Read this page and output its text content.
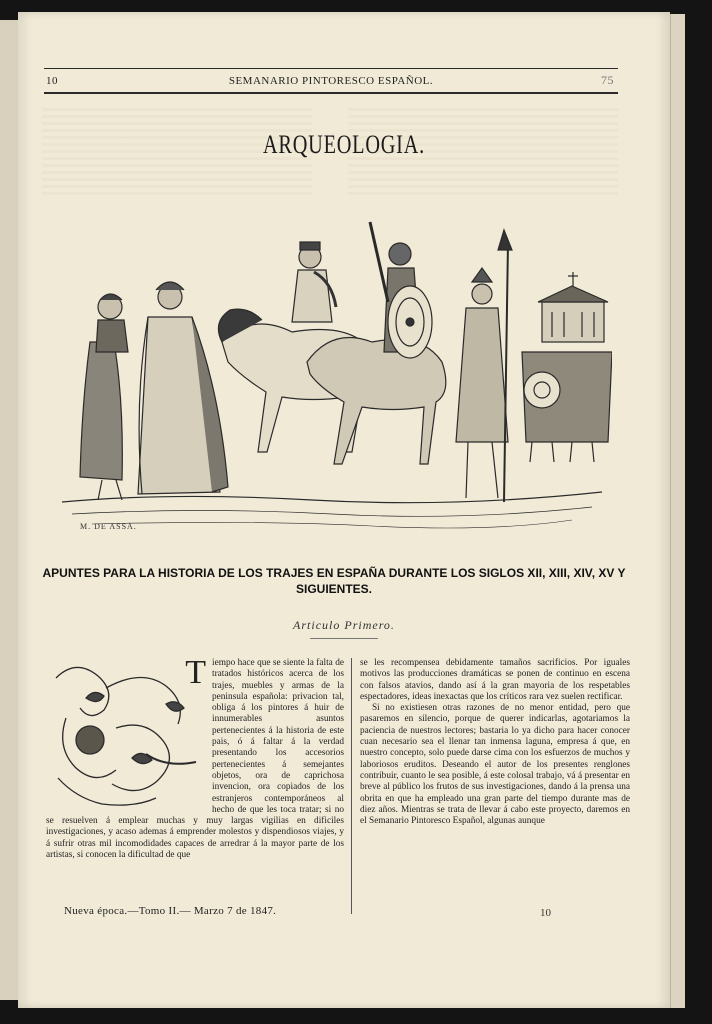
10	SEMANARIO PINTORESCO ESPAÑOL.	75
ARQUEOLOGIA.
M. DE ASSA.
APUNTES PARA LA HISTORIA DE LOS TRAJES EN ESPAÑA DURANTE LOS SIGLOS XII, XIII, XIV, XV Y SIGUIENTES.
Articulo Primero.
T iempo hace que se siente la falta de tratados históricos acerca de los trajes, muebles y armas de la peninsula española: privacion tal, obliga á los pintores á huir de innumerables asuntos pertenecientes á la historia de este pais, ó á faltar á la verdad presentando los accesorios pertenecientes á semejantes objetos, ora de caprichosa invencion, ora copiados de los estranjeros contemporáneos al hecho de que les toca tratar; si no se resuelven á emplear muchas y muy largas vigilias en dificiles investigaciones, y acaso ademas á emprender molestos y dispendiosos viajes, y á sufrir otras mil incomodidades capaces de arredrar á la mayor parte de los artistas, si conocen la dificultad de que

se les recompensea debidamente tamaños sacrificios. Por iguales motivos las producciones dramáticas se ponen de continuo en escena con falsos atavios, dando así á la gran mayoria de los respetables espectadores, ideas inexactas que los críticos rara vez suelen rectificar.

Si no existiesen otras razones de no menor entidad, pero que pasaremos en silencio, porque de querer indicarlas, agotariamos la paciencia de nuestros lectores; bastaria lo ya dicho para hacer conocer cuan necesario sea el llenar tan inmensa laguna, empresa á que, en nuestro concepto, solo puede darse cima con los esfuerzos de muchos y laboriosos eruditos. Deseando el autor de los presentes renglones contribuir, cuanto le sea posible, á este colosal trabajo, vá á presentar en breve al público los frutos de sus investigaciones, dando á la prensa una obrita en que ha empleado una gran parte del tiempo durante mas de diez años. Mientras se trata de llevar á cabo este proyecto, daremos en el Semanario Pintoresco Español, algunas aunque

Nueva época.—Tomo II.— Marzo 7 de 1847.	10
